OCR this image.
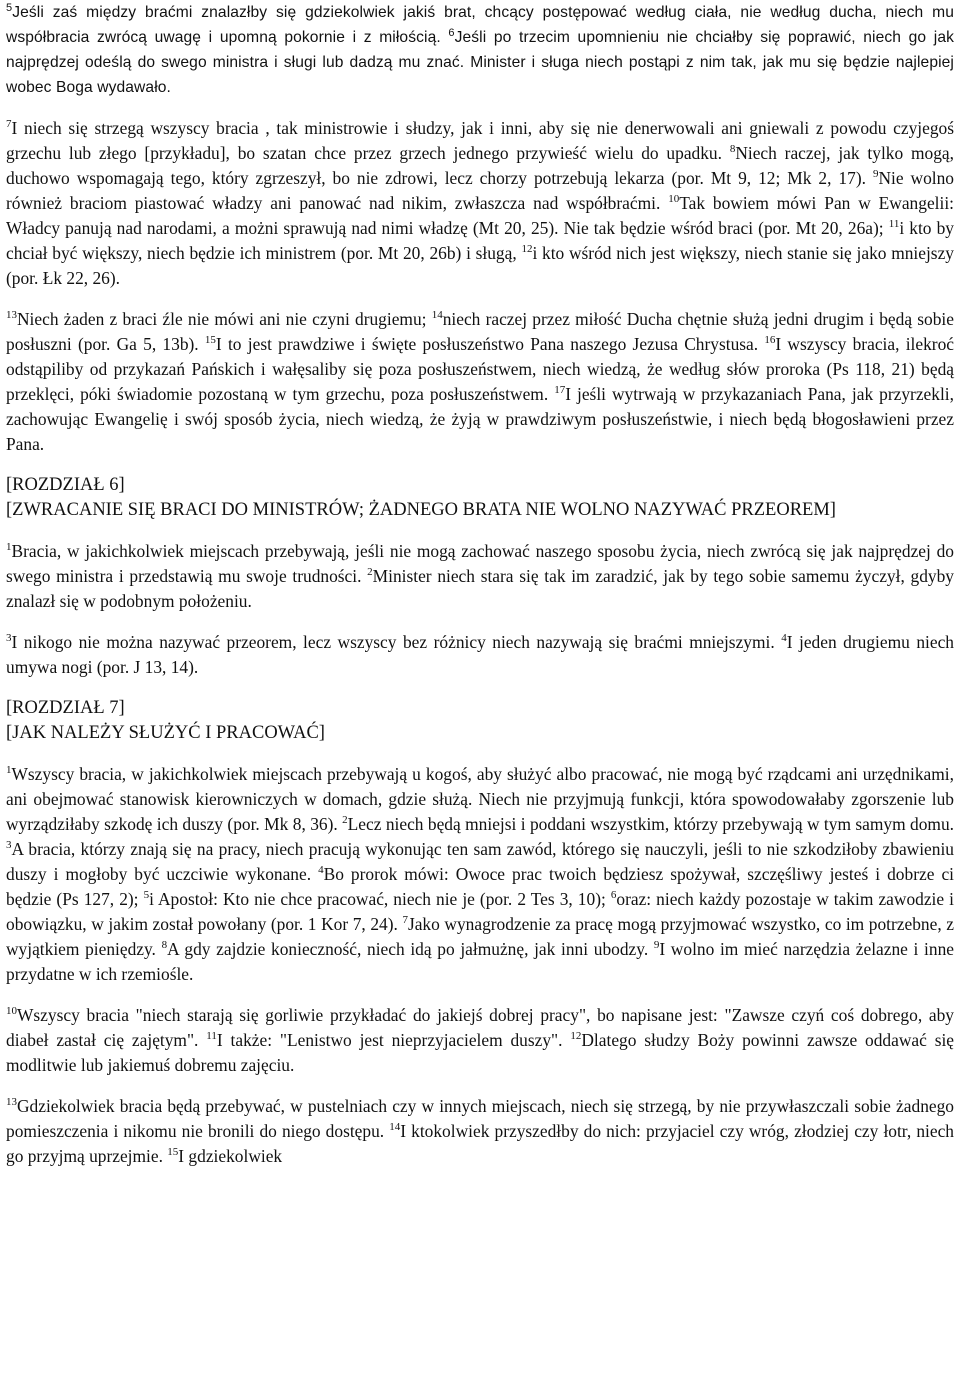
$^5$Jeśli zaś między braćmi znalazłby się gdziekolwiek jakiś brat, chcący postępować według ciała, nie według ducha, niech mu współbracia zwrócą uwagę i upomną pokornie i z miłością. $^6$Jeśli po trzecim upomnieniu nie chciałby się poprawić, niech go jak najprędzej odeślą do swego ministra i sługi lub dadzą mu znać. Minister i sługa niech postąpi z nim tak, jak mu się będzie najlepiej wobec Boga wydawało.

$^7$I niech się strzegą wszyscy bracia , tak ministrowie i słudzy, jak i inni, aby się nie denerwowali ani gniewali z powodu czyjegoś grzechu lub złego [przykładu], bo szatan chce przez grzech jednego przywieść wielu do upadku. $^8$Niech raczej, jak tylko mogą, duchowo wspomagają tego, który zgrzeszył, bo nie zdrowi, lecz chorzy potrzebują lekarza (por. Mt 9, 12; Mk 2, 17). $^9$Nie wolno również braciom piastować władzy ani panować nad nikim, zwłaszcza nad współbraćmi. $^{10}$Tak bowiem mówi Pan w Ewangelii: Władcy panują nad narodami, a możni sprawują nad nimi władzę (Mt 20, 25). Nie tak będzie wśród braci (por. Mt 20, 26a); $^{11}$i kto by chciał być większy, niech będzie ich ministrem (por. Mt 20, 26b) i sługą, $^{12}$i kto wśród nich jest większy, niech stanie się jako mniejszy (por. Łk 22, 26).

$^{13}$Niech żaden z braci źle nie mówi ani nie czyni drugiemu; $^{14}$niech raczej przez miłość Ducha chętnie służą jedni drugim i będą sobie posłuszni (por. Ga 5, 13b). $^{15}$I to jest prawdziwe i święte posłuszeństwo Pana naszego Jezusa Chrystusa. $^{16}$I wszyscy bracia, ilekroć odstąpiliby od przykazań Pańskich i wałęsaliby się poza posłuszeństwem, niech wiedzą, że według słów proroka (Ps 118, 21) będą przeklęci, póki świadomie pozostaną w tym grzechu, poza posłuszeństwem. $^{17}$I jeśli wytrwają w przykazaniach Pana, jak przyrzekli, zachowując Ewangelię i swój sposób życia, niech wiedzą, że żyją w prawdziwym posłuszeństwie, i niech będą błogosławieni przez Pana.

[ROZDZIAŁ 6]
[ZWRACANIE SIĘ BRACI DO MINISTRÓW; ŻADNEGO BRATA NIE WOLNO NAZYWAĆ PRZEOREM]

$^1$Bracia, w jakichkolwiek miejscach przebywają, jeśli nie mogą zachować naszego sposobu życia, niech zwrócą się jak najprędzej do swego ministra i przedstawią mu swoje trudności. $^2$Minister niech stara się tak im zaradzić, jak by tego sobie samemu życzył, gdyby znalazł się w podobnym położeniu.

$^3$I nikogo nie można nazywać przeorem, lecz wszyscy bez różnicy niech nazywają się braćmi mniejszymi. $^4$I jeden drugiemu niech umywa nogi (por. J 13, 14).

[ROZDZIAŁ 7]
[JAK NALEŻY SŁUŻYĆ I PRACOWAĆ]

$^1$Wszyscy bracia, w jakichkolwiek miejscach przebywają u kogoś, aby służyć albo pracować, nie mogą być rządcami ani urzędnikami, ani obejmować stanowisk kierowniczych w domach, gdzie służą. Niech nie przyjmują funkcji, która spowodowałaby zgorszenie lub wyrządziłaby szkodę ich duszy (por. Mk 8, 36). $^2$Lecz niech będą mniejsi i poddani wszystkim, którzy przebywają w tym samym domu. $^3$A bracia, którzy znają się na pracy, niech pracują wykonując ten sam zawód, którego się nauczyli, jeśli to nie szkodziłoby zbawieniu duszy i mogłoby być uczciwie wykonane. $^4$Bo prorok mówi: Owoce prac twoich będziesz spożywał, szczęśliwy jesteś i dobrze ci będzie (Ps 127, 2); $^5$i Apostoł: Kto nie chce pracować, niech nie je (por. 2 Tes 3, 10); $^6$oraz: niech każdy pozostaje w takim zawodzie i obowiązku, w jakim został powołany (por. 1 Kor 7, 24). $^7$Jako wynagrodzenie za pracę mogą przyjmować wszystko, co im potrzebne, z wyjątkiem pieniędzy. $^8$A gdy zajdzie konieczność, niech idą po jałmużnę, jak inni ubodzy. $^9$I wolno im mieć narzędzia żelazne i inne przydatne w ich rzemiośle.

$^{10}$Wszyscy bracia "niech starają się gorliwie przykładać do jakiejś dobrej pracy", bo napisane jest: "Zawsze czyń coś dobrego, aby diabeł zastał cię zajętym". $^{11}$I także: "Lenistwo jest nieprzyjacielem duszy". $^{12}$Dlatego słudzy Boży powinni zawsze oddawać się modlitwie lub jakiemuś dobremu zajęciu.

$^{13}$Gdziekolwiek bracia będą przebywać, w pustelniach czy w innych miejscach, niech się strzegą, by nie przywłaszczali sobie żadnego pomieszczenia i nikomu nie bronili do niego dostępu. $^{14}$I ktokolwiek przyszedłby do nich: przyjaciel czy wróg, złodziej czy łotr, niech go przyjmą uprzejmie. $^{15}$I gdziekolwiek
